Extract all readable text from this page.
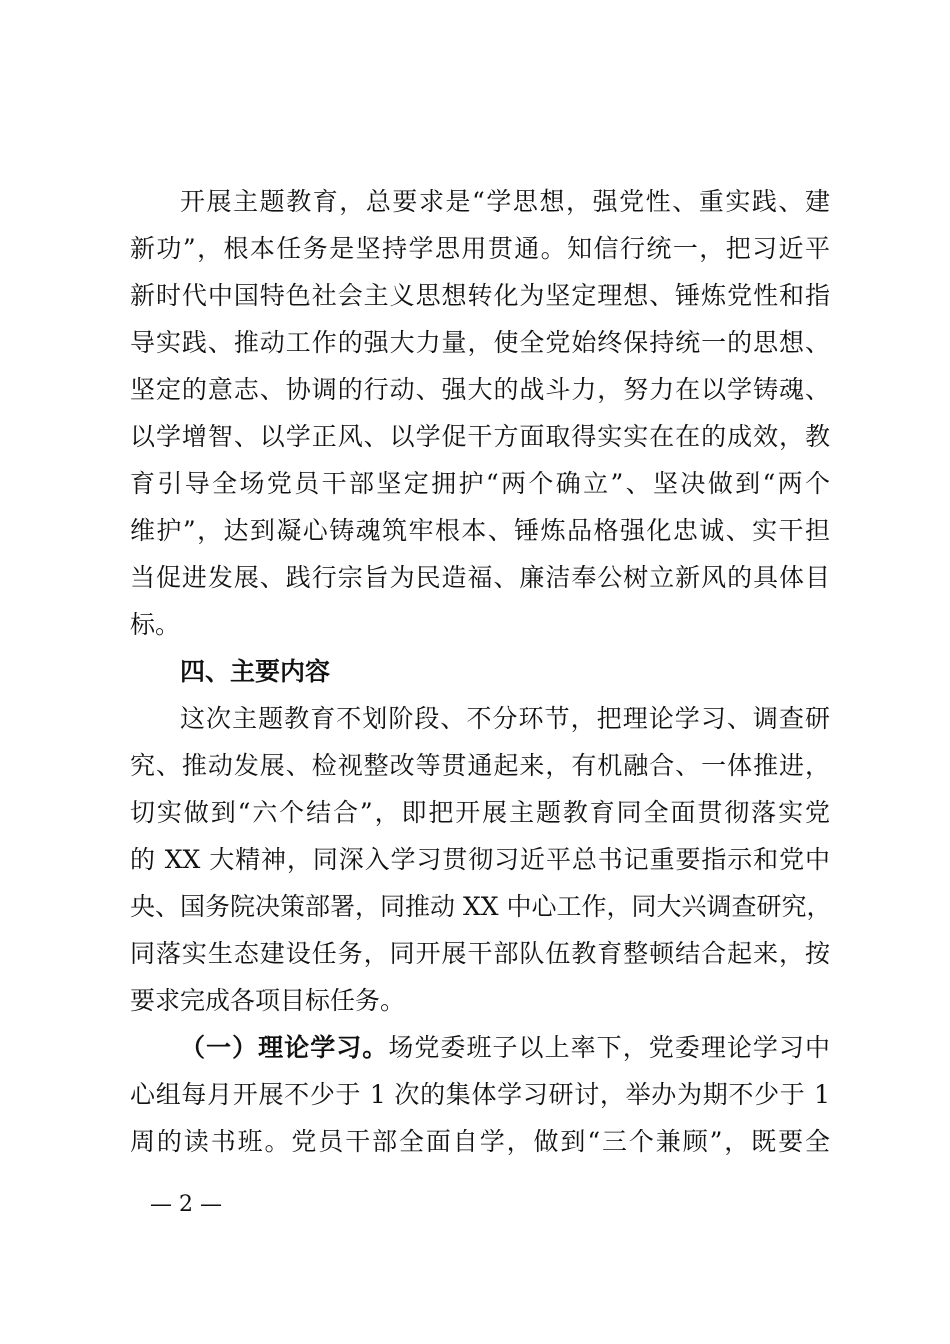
开展主题教育，总要求是“学思想，强党性、重实践、建
新功”，根本任务是坚持学思用贯通。知信行统一，把习近平
新时代中国特色社会主义思想转化为坚定理想、锤炼党性和指
导实践、推动工作的强大力量，使全党始终保持统一的思想、
坚定的意志、协调的行动、强大的战斗力，努力在以学铸魂、
以学增智、以学正风、以学促干方面取得实实在在的成效，教
育引导全场党员干部坚定拥护“两个确立”、坚决做到“两个
维护”，达到凝心铸魂筑牢根本、锤炼品格强化忠诚、实干担
当促进发展、践行宗旨为民造福、廉洁奉公树立新风的具体目
标。
四、主要内容
这次主题教育不划阶段、不分环节，把理论学习、调查研
究、推动发展、检视整改等贯通起来，有机融合、一体推进，
切实做到“六个结合”，即把开展主题教育同全面贯彻落实党
的 XX 大精神，同深入学习贯彻习近平总书记重要指示和党中
央、国务院决策部署，同推动 XX 中心工作，同大兴调查研究，
同落实生态建设任务，同开展干部队伍教育整顿结合起来，按
要求完成各项目标任务。
（一）理论学习。场党委班子以上率下，党委理论学习中
心组每月开展不少于 1 次的集体学习研讨，举办为期不少于 1
周的读书班。党员干部全面自学，做到“三个兼顾”，既要全
— 2 —
